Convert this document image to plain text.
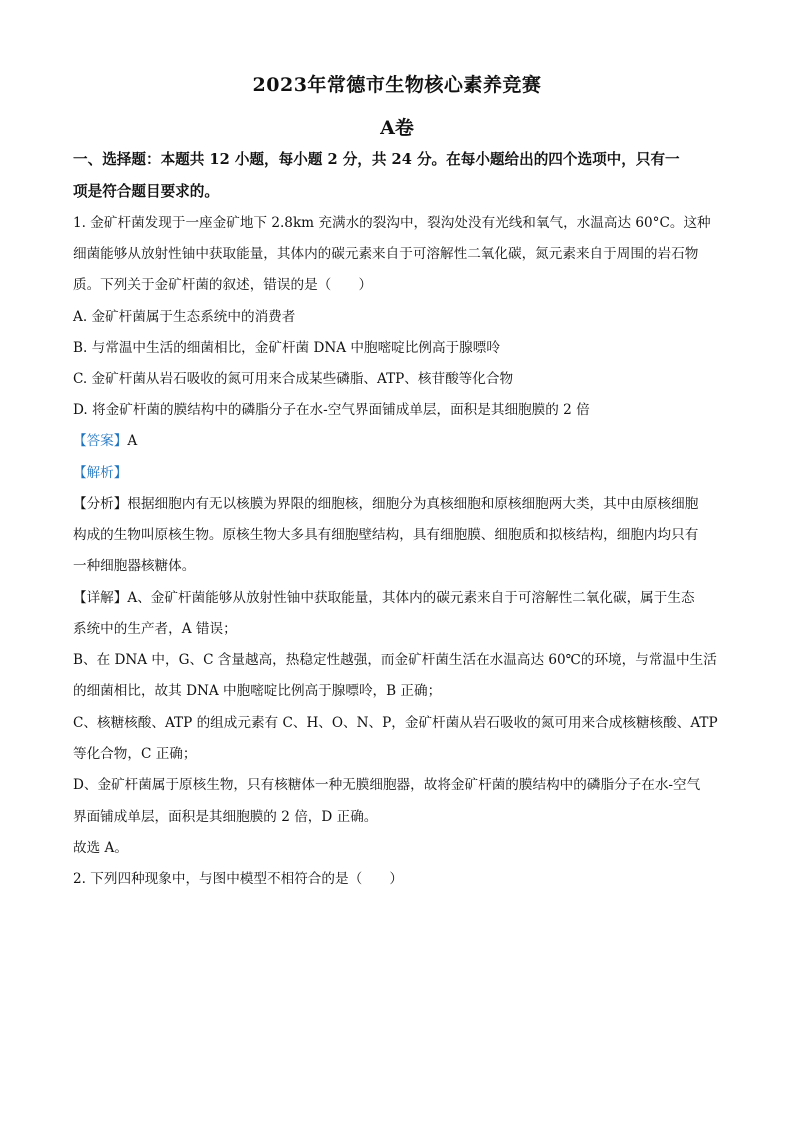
2023年常德市生物核心素养竞赛
A卷
一、选择题：本题共 12 小题，每小题 2 分，共 24 分。在每小题给出的四个选项中，只有一
项是符合题目要求的。
1. 金矿杆菌发现于一座金矿地下 2.8km 充满水的裂沟中，裂沟处没有光线和氧气，水温高达 60°C。这种
细菌能够从放射性铀中获取能量，其体内的碳元素来自于可溶解性二氧化碳，氮元素来自于周围的岩石物
质。下列关于金矿杆菌的叙述，错误的是（　　）
A. 金矿杆菌属于生态系统中的消费者
B. 与常温中生活的细菌相比，金矿杆菌 DNA 中胞嘧啶比例高于腺嘌呤
C. 金矿杆菌从岩石吸收的氮可用来合成某些磷脂、ATP、核苷酸等化合物
D. 将金矿杆菌的膜结构中的磷脂分子在水-空气界面铺成单层，面积是其细胞膜的 2 倍
【答案】A
【解析】
【分析】根据细胞内有无以核膜为界限的细胞核，细胞分为真核细胞和原核细胞两大类，其中由原核细胞
构成的生物叫原核生物。原核生物大多具有细胞壁结构，具有细胞膜、细胞质和拟核结构，细胞内均只有
一种细胞器核糖体。
【详解】A、金矿杆菌能够从放射性铀中获取能量，其体内的碳元素来自于可溶解性二氧化碳，属于生态
系统中的生产者，A 错误；
B、在 DNA 中，G、C 含量越高，热稳定性越强，而金矿杆菌生活在水温高达 60℃的环境，与常温中生活
的细菌相比，故其 DNA 中胞嘧啶比例高于腺嘌呤，B 正确；
C、核糖核酸、ATP 的组成元素有 C、H、O、N、P，金矿杆菌从岩石吸收的氮可用来合成核糖核酸、ATP
等化合物，C 正确；
D、金矿杆菌属于原核生物，只有核糖体一种无膜细胞器，故将金矿杆菌的膜结构中的磷脂分子在水-空气
界面铺成单层，面积是其细胞膜的 2 倍，D 正确。
故选 A。
2. 下列四种现象中，与图中模型不相符合的是（　　）
